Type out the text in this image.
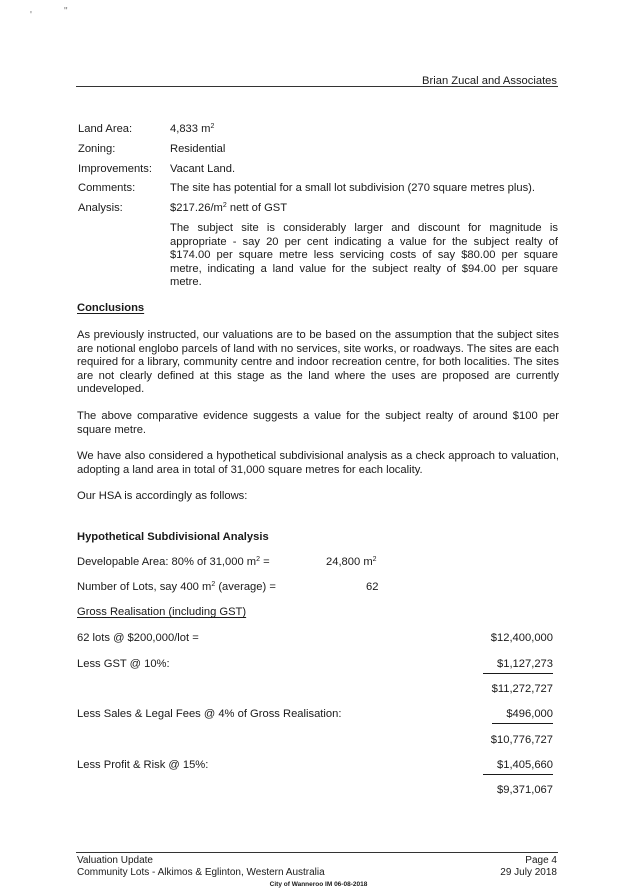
'	"
Brian Zucal and Associates
Land Area:	4,833 $m^2$
Zoning:	Residential
Improvements: Vacant Land.
Comments:	The site has potential for a small lot subdivision (270 square metres plus).
Analysis:	$\$217.26/m^2$ nett of GST
The subject site is considerably larger and discount for magnitude is appropriate - say 20 per cent indicating a value for the subject realty of $174.00 per square metre less servicing costs of say $80.00 per square metre, indicating a land value for the subject realty of $94.00 per square metre.
Conclusions
As previously instructed, our valuations are to be based on the assumption that the subject sites are notional englobo parcels of land with no services, site works, or roadways. The sites are each required for a library, community centre and indoor recreation centre, for both localities. The sites are not clearly defined at this stage as the land where the uses are proposed are currently undeveloped.
The above comparative evidence suggests a value for the subject realty of around $100 per square metre.
We have also considered a hypothetical subdivisional analysis as a check approach to valuation, adopting a land area in total of 31,000 square metres for each locality.
Our HSA is accordingly as follows:
Hypothetical Subdivisional Analysis
Developable Area: 80% of 31,000 $m^2$ =	24,800 $m^2$
Number of Lots, say 400 $m^2$ (average) =	62
Gross Realisation (including GST)
62 lots @ $200,000/lot =	$12,400,000
Less GST @ 10%:	$1,127,273
$11,272,727
Less Sales & Legal Fees @ 4% of Gross Realisation:	$496,000
$10,776,727
Less Profit & Risk @ 15%:	$1,405,660
$9,371,067
Valuation Update
Community Lots - Alkimos & Eglinton, Western Australia
Page 4
29 July 2018
City of Wanneroo IM 06-08-2018
